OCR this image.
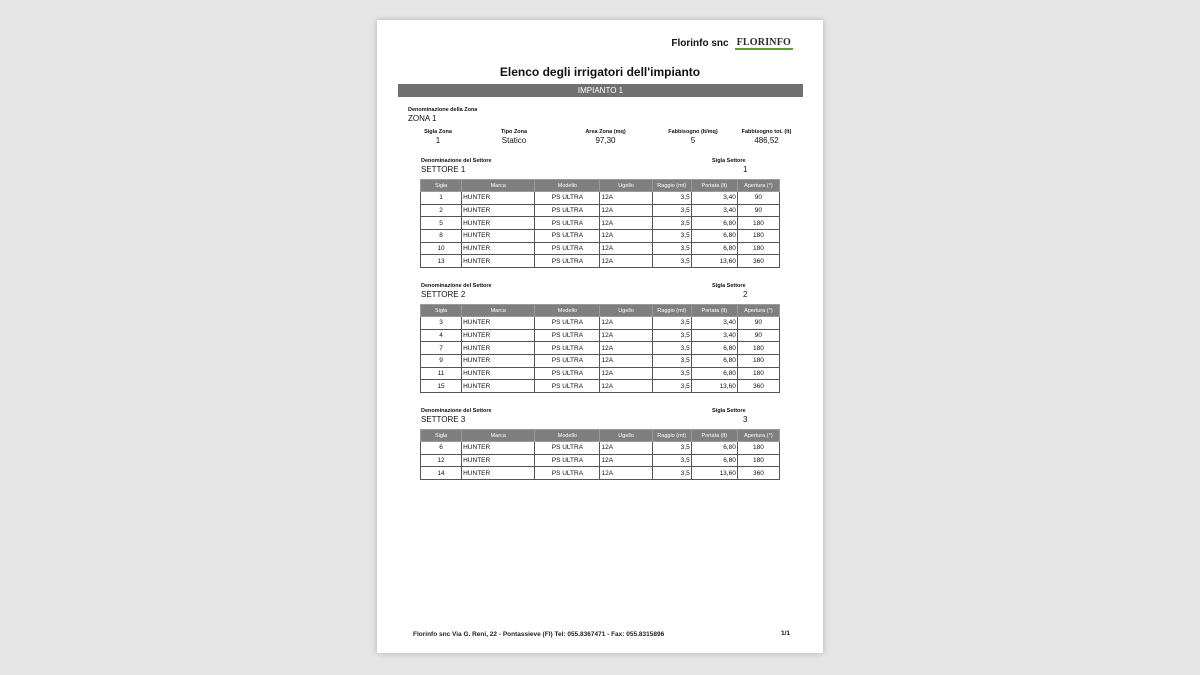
Florinfo snc FLORINFO
Elenco degli irrigatori dell'impianto
IMPIANTO 1
Denominazione della Zona
ZONA 1
Sigla Zona
1
Tipo Zona
Statico
Area Zona (mq)
97,30
Fabbisogno (lt/mq)
5
Fabbisogno tot. (lt)
486,52
Denominazione del Settore
SETTORE 1
Sigla Settore
1
Sigla	Marca	Modello	Ugello	Raggio (mt)	Portata (lt)	Apertura (°)
1	HUNTER	PS ULTRA	12A	3,5	3,40	90
2	HUNTER	PS ULTRA	12A	3,5	3,40	90
5	HUNTER	PS ULTRA	12A	3,5	6,80	180
8	HUNTER	PS ULTRA	12A	3,5	6,80	180
10	HUNTER	PS ULTRA	12A	3,5	6,80	180
13	HUNTER	PS ULTRA	12A	3,5	13,60	360
Denominazione del Settore
SETTORE 2
Sigla Settore
2
Sigla	Marca	Modello	Ugello	Raggio (mt)	Portata (lt)	Apertura (°)
3	HUNTER	PS ULTRA	12A	3,5	3,40	90
4	HUNTER	PS ULTRA	12A	3,5	3,40	90
7	HUNTER	PS ULTRA	12A	3,5	6,80	180
9	HUNTER	PS ULTRA	12A	3,5	6,80	180
11	HUNTER	PS ULTRA	12A	3,5	6,80	180
15	HUNTER	PS ULTRA	12A	3,5	13,60	360
Denominazione del Settore
SETTORE 3
Sigla Settore
3
Sigla	Marca	Modello	Ugello	Raggio (mt)	Portata (lt)	Apertura (°)
6	HUNTER	PS ULTRA	12A	3,5	6,80	180
12	HUNTER	PS ULTRA	12A	3,5	6,80	180
14	HUNTER	PS ULTRA	12A	3,5	13,60	360
Florinfo snc Via G. Reni, 22 - Pontassieve (FI) Tel: 055.8367471 - Fax: 055.8315896	1/1
